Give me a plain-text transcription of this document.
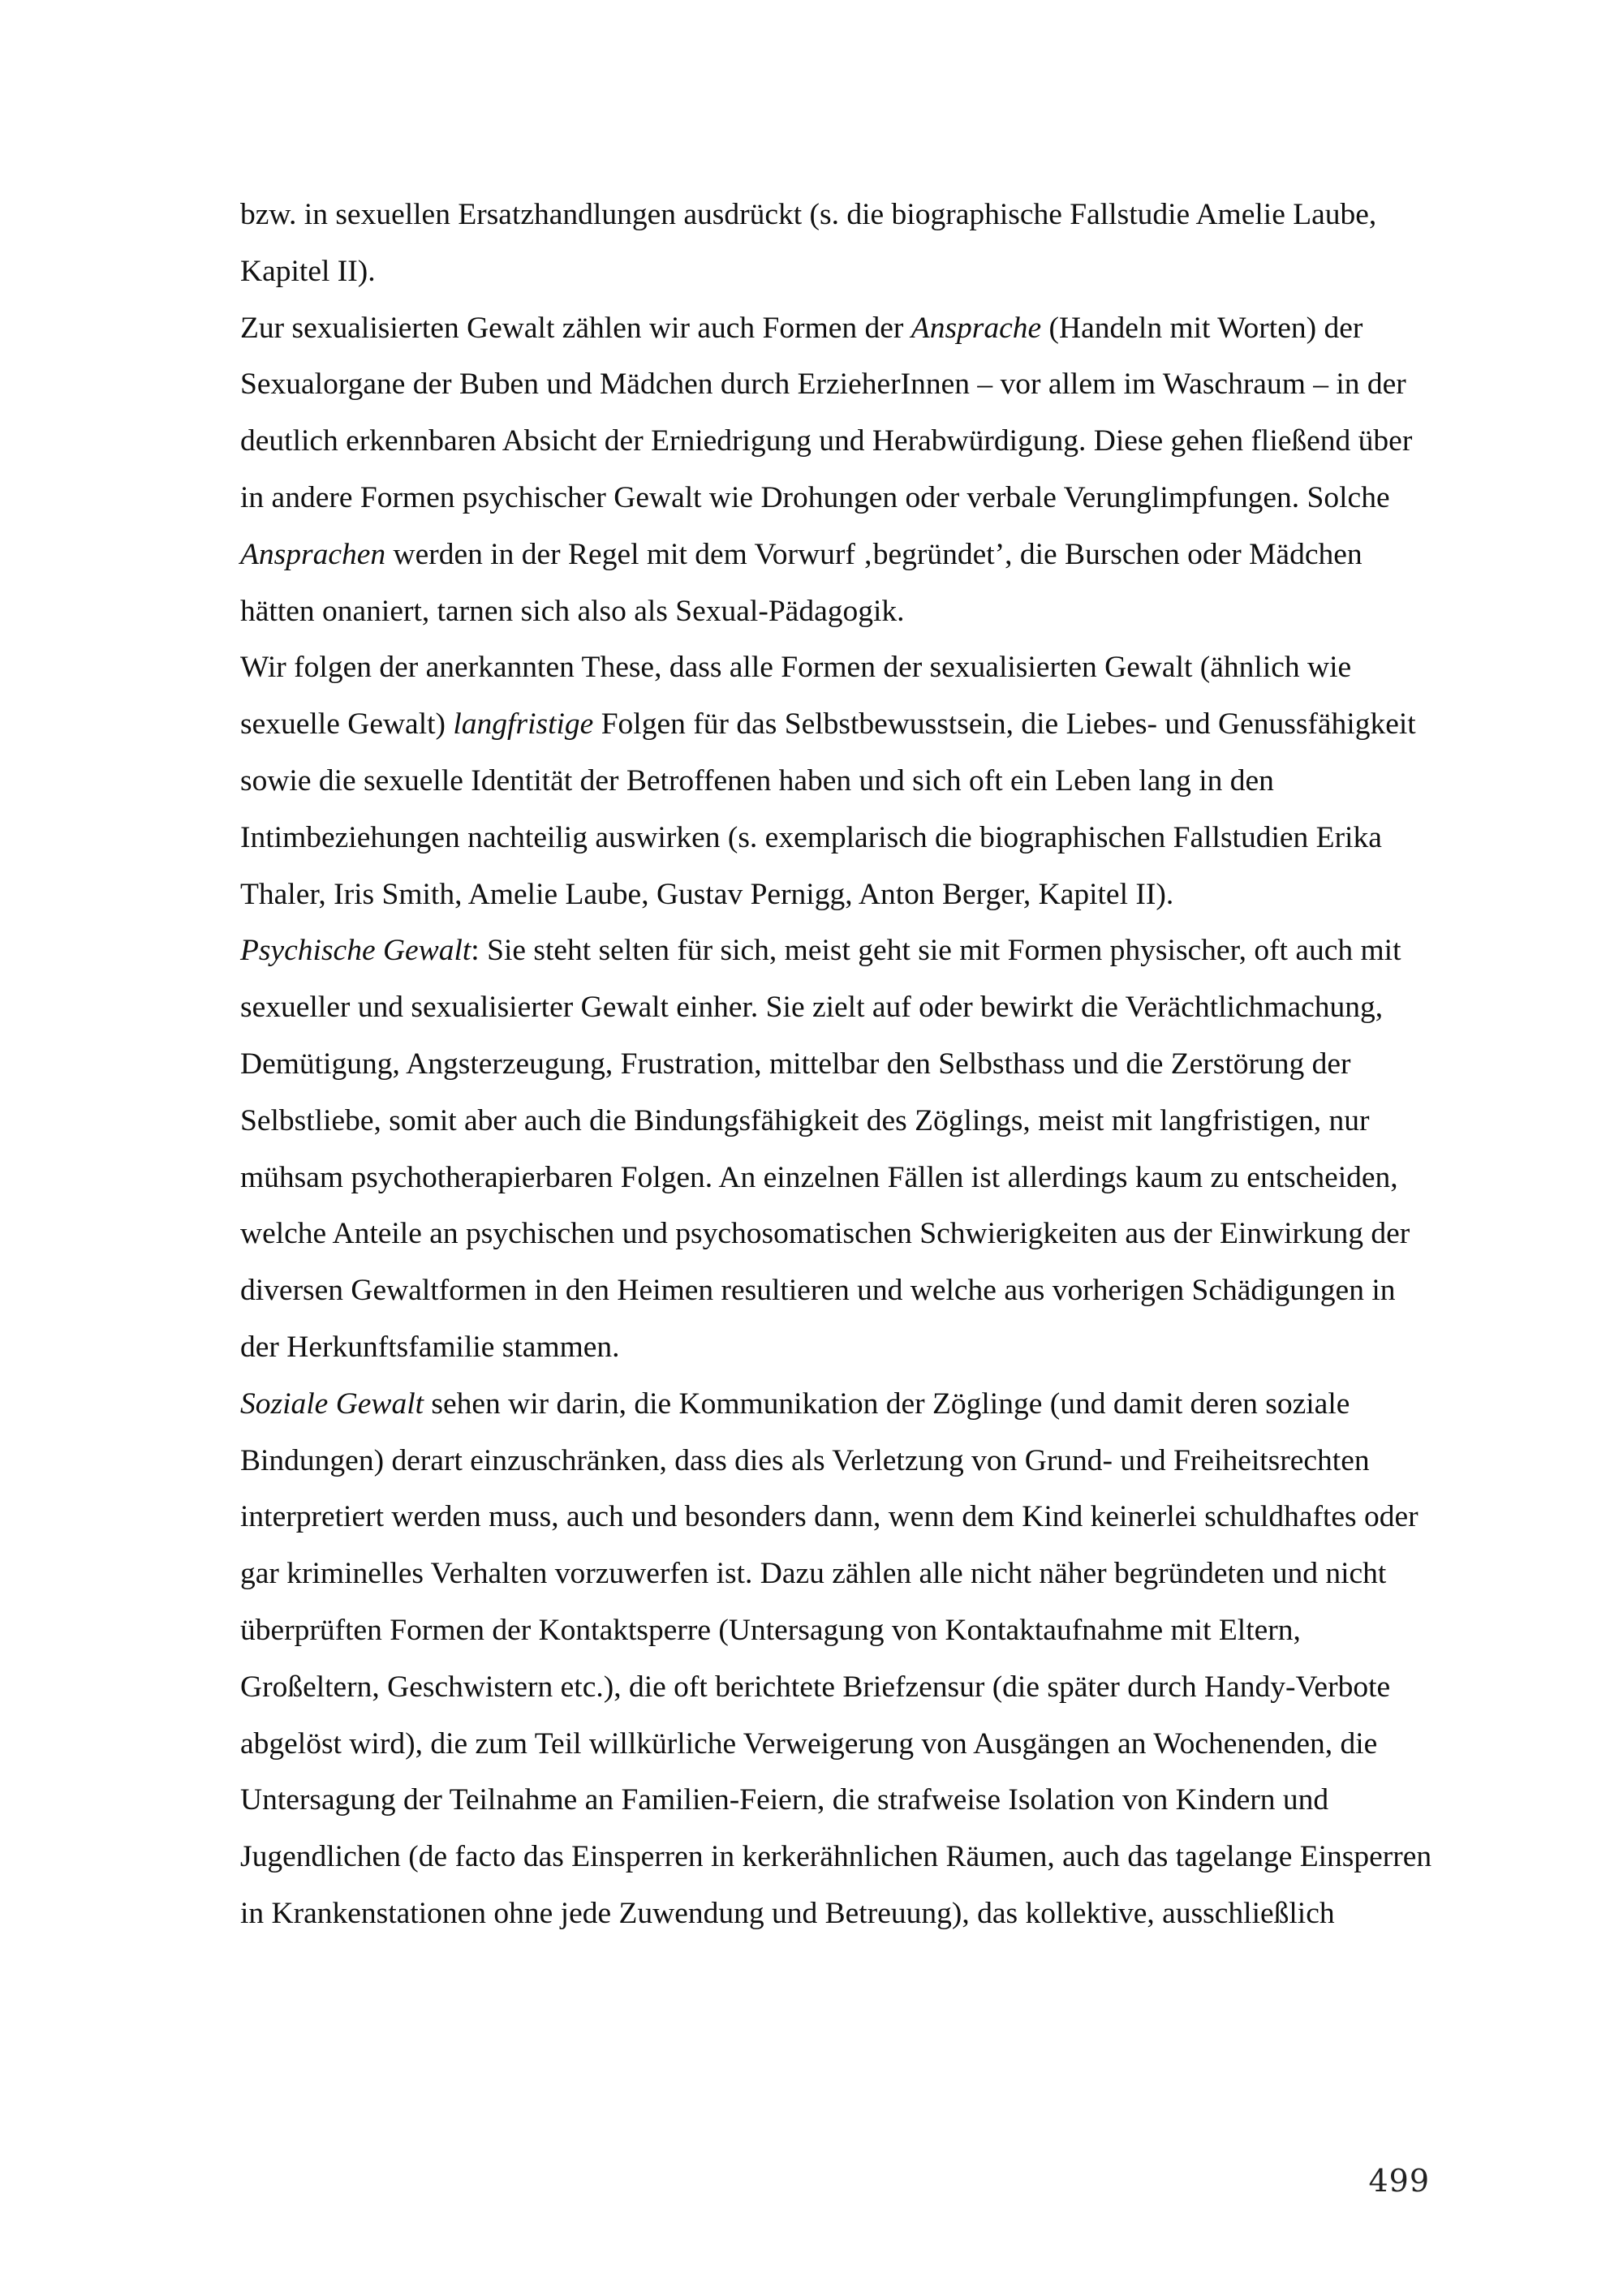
bzw. in sexuellen Ersatzhandlungen ausdrückt (s. die biographische Fallstudie Amelie Laube, Kapitel II).

Zur sexualisierten Gewalt zählen wir auch Formen der Ansprache (Handeln mit Worten) der Sexualorgane der Buben und Mädchen durch ErzieherInnen – vor allem im Waschraum – in der deutlich erkennbaren Absicht der Erniedrigung und Herabwürdigung. Diese gehen fließend über in andere Formen psychischer Gewalt wie Drohungen oder verbale Verunglimpfungen. Solche Ansprachen werden in der Regel mit dem Vorwurf ‚begründet’, die Burschen oder Mädchen hätten onaniert, tarnen sich also als Sexual-Pädagogik.

Wir folgen der anerkannten These, dass alle Formen der sexualisierten Gewalt (ähnlich wie sexuelle Gewalt) langfristige Folgen für das Selbstbewusstsein, die Liebes- und Genussfähigkeit sowie die sexuelle Identität der Betroffenen haben und sich oft ein Leben lang in den Intimbeziehungen nachteilig auswirken (s. exemplarisch die biographischen Fallstudien Erika Thaler, Iris Smith, Amelie Laube, Gustav Pernigg, Anton Berger, Kapitel II).

Psychische Gewalt: Sie steht selten für sich, meist geht sie mit Formen physischer, oft auch mit sexueller und sexualisierter Gewalt einher. Sie zielt auf oder bewirkt die Verächtlichmachung, Demütigung, Angsterzeugung, Frustration, mittelbar den Selbsthass und die Zerstörung der Selbstliebe, somit aber auch die Bindungsfähigkeit des Zöglings, meist mit langfristigen, nur mühsam psychotherapierbaren Folgen. An einzelnen Fällen ist allerdings kaum zu entscheiden, welche Anteile an psychischen und psychosomatischen Schwierigkeiten aus der Einwirkung der diversen Gewaltformen in den Heimen resultieren und welche aus vorherigen Schädigungen in der Herkunftsfamilie stammen.

Soziale Gewalt sehen wir darin, die Kommunikation der Zöglinge (und damit deren soziale Bindungen) derart einzuschränken, dass dies als Verletzung von Grund- und Freiheitsrechten interpretiert werden muss, auch und besonders dann, wenn dem Kind keinerlei schuldhaftes oder gar kriminelles Verhalten vorzuwerfen ist. Dazu zählen alle nicht näher begründeten und nicht überprüften Formen der Kontaktsperre (Untersagung von Kontaktaufnahme mit Eltern, Großeltern, Geschwistern etc.), die oft berichtete Briefzensur (die später durch Handy-Verbote abgelöst wird), die zum Teil willkürliche Verweigerung von Ausgängen an Wochenenden, die Untersagung der Teilnahme an Familien-Feiern, die strafweise Isolation von Kindern und Jugendlichen (de facto das Einsperren in kerkerähnlichen Räumen, auch das tagelange Einsperren in Krankenstationen ohne jede Zuwendung und Betreuung), das kollektive, ausschließlich

499
